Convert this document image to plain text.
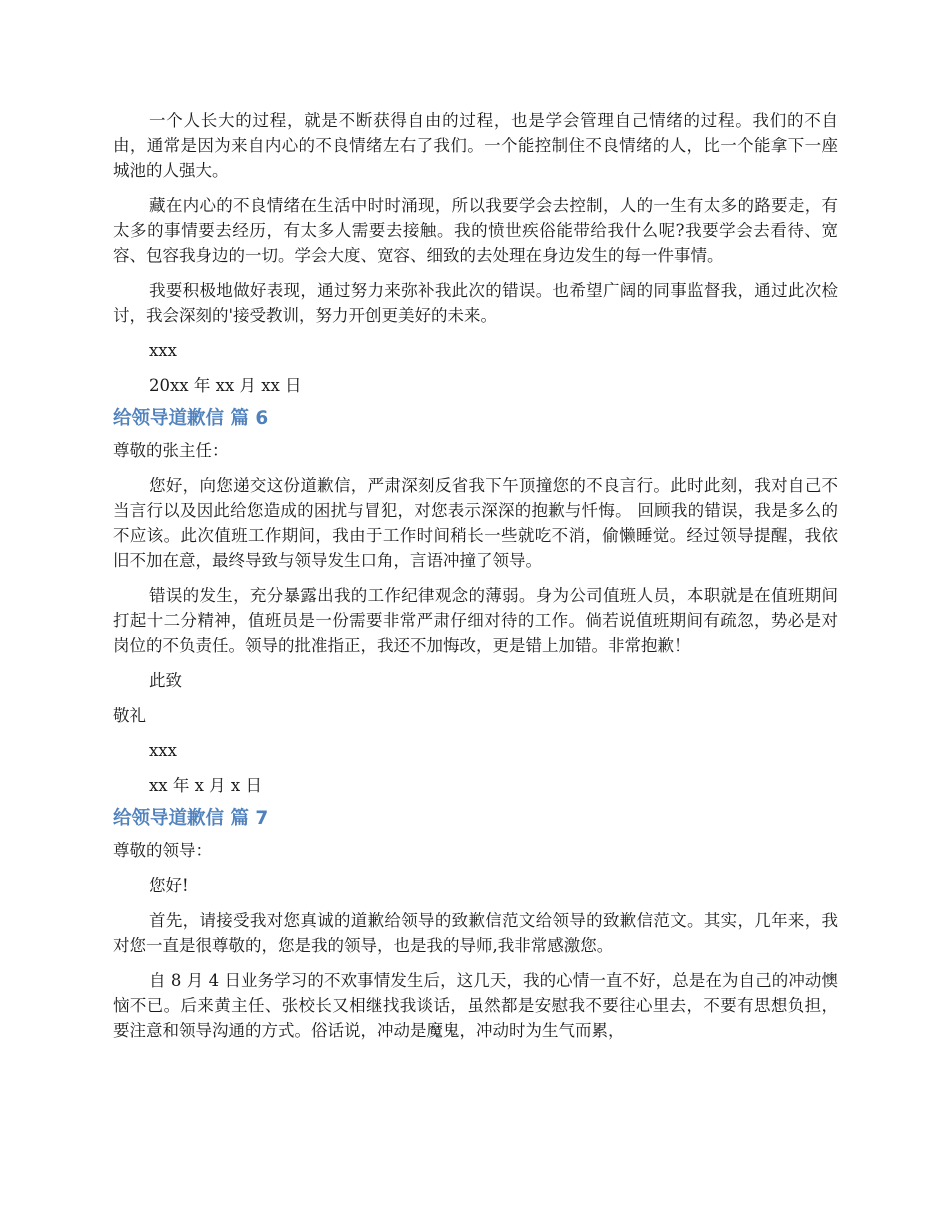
一个人长大的过程，就是不断获得自由的过程，也是学会管理自己情绪的过程。我们的不自由，通常是因为来自内心的不良情绪左右了我们。一个能控制住不良情绪的人，比一个能拿下一座城池的人强大。

藏在内心的不良情绪在生活中时时涌现，所以我要学会去控制，人的一生有太多的路要走，有太多的事情要去经历，有太多人需要去接触。我的愤世疾俗能带给我什么呢?我要学会去看待、宽容、包容我身边的一切。学会大度、宽容、细致的去处理在身边发生的每一件事情。

我要积极地做好表现，通过努力来弥补我此次的错误。也希望广阔的同事监督我，通过此次检讨，我会深刻的'接受教训，努力开创更美好的未来。

xxx

20xx 年 xx 月 xx 日

给领导道歉信 篇 6

尊敬的张主任：

您好，向您递交这份道歉信，严肃深刻反省我下午顶撞您的不良言行。此时此刻，我对自己不当言行以及因此给您造成的困扰与冒犯，对您表示深深的抱歉与忏悔。 回顾我的错误，我是多么的不应该。此次值班工作期间，我由于工作时间稍长一些就吃不消，偷懒睡觉。经过领导提醒，我依旧不加在意，最终导致与领导发生口角，言语冲撞了领导。

错误的发生，充分暴露出我的工作纪律观念的薄弱。身为公司值班人员，本职就是在值班期间打起十二分精神，值班员是一份需要非常严肃仔细对待的工作。倘若说值班期间有疏忽，势必是对岗位的不负责任。领导的批准指正，我还不加悔改，更是错上加错。非常抱歉！

此致

敬礼

xxx

xx 年 x 月 x 日

给领导道歉信 篇 7

尊敬的领导：

您好!

首先，请接受我对您真诚的道歉给领导的致歉信范文给领导的致歉信范文。其实，几年来，我对您一直是很尊敬的，您是我的领导，也是我的导师,我非常感激您。

自 8 月 4 日业务学习的不欢事情发生后，这几天，我的心情一直不好，总是在为自己的冲动懊恼不已。后来黄主任、张校长又相继找我谈话，虽然都是安慰我不要往心里去，不要有思想负担，要注意和领导沟通的方式。俗话说，冲动是魔鬼，冲动时为生气而累，
